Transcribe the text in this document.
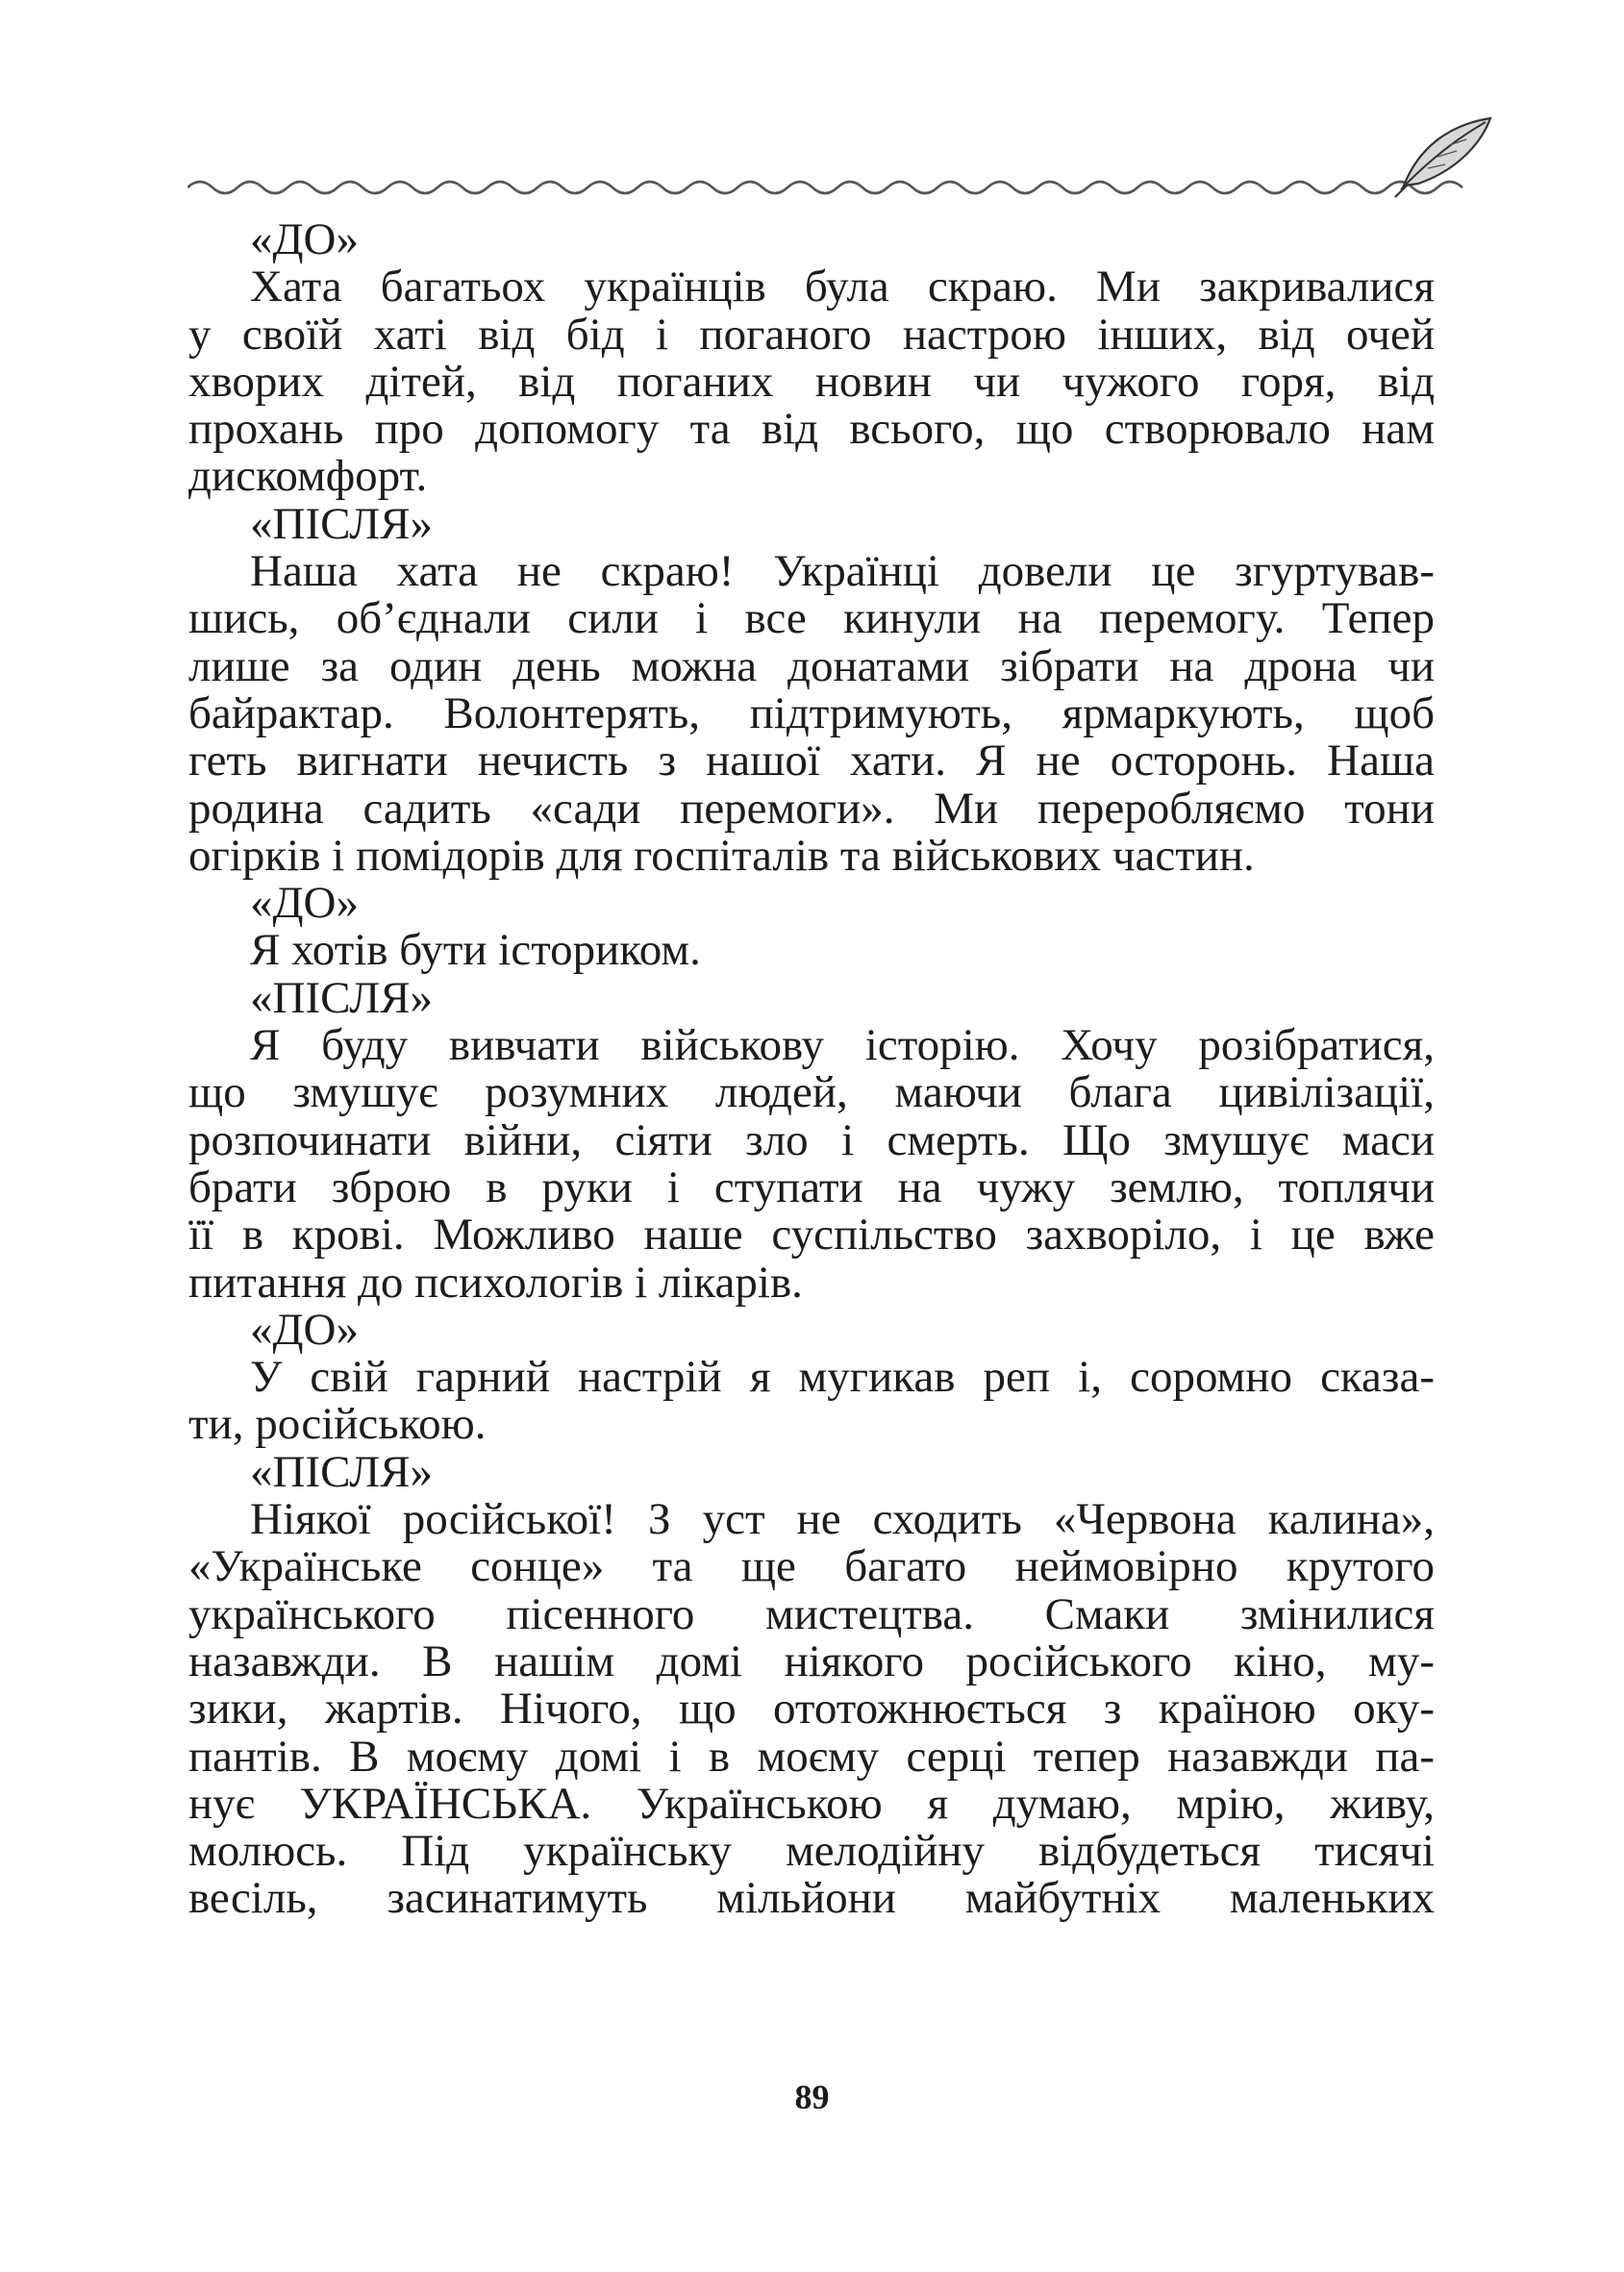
«ДО»
Хата багатьох українців була скраю. Ми закривалися
у своїй хаті від бід і поганого настрою інших, від очей
хворих дітей, від поганих новин чи чужого горя, від
прохань про допомогу та від всього, що створювало нам
дискомфорт.
«ПІСЛЯ»
Наша хата не скраю! Українці довели це згуртував-
шись, об’єднали сили і все кинули на перемогу. Тепер
лише за один день можна донатами зібрати на дрона чи
байрактар. Волонтерять, підтримують, ярмаркують, щоб
геть вигнати нечисть з нашої хати. Я не осторонь. Наша
родина садить «сади перемоги». Ми переробляємо тони
огірків і помідорів для госпіталів та військових частин.
«ДО»
Я хотів бути істориком.
«ПІСЛЯ»
Я буду вивчати військову історію. Хочу розібратися,
що змушує розумних людей, маючи блага цивілізації,
розпочинати війни, сіяти зло і смерть. Що змушує маси
брати зброю в руки і ступати на чужу землю, топлячи
її в крові. Можливо наше суспільство захворіло, і це вже
питання до психологів і лікарів.
«ДО»
У свій гарний настрій я мугикав реп і, соромно сказа-
ти, російською.
«ПІСЛЯ»
Ніякої російської! З уст не сходить «Червона калина»,
«Українське сонце» та ще багато неймовірно крутого
українського пісенного мистецтва. Смаки змінилися
назавжди. В нашім домі ніякого російського кіно, му-
зики, жартів. Нічого, що ототожнюється з країною оку-
пантів. В моєму домі і в моєму серці тепер назавжди па-
нує УКРАЇНСЬКА. Українською я думаю, мрію, живу,
молюсь. Під українську мелодійну відбудеться тисячі
весіль, засинатимуть мільйони майбутніх маленьких
89
